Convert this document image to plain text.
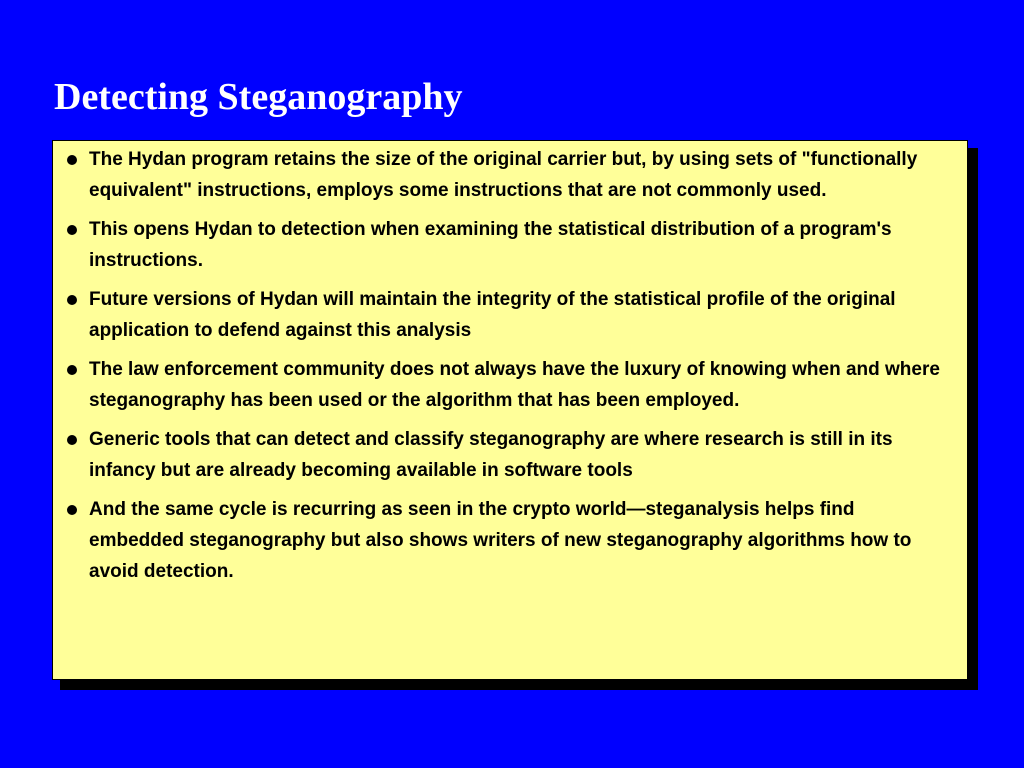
Detecting Steganography
The Hydan program retains the size of the original carrier but, by using sets of "functionally equivalent" instructions, employs some instructions that are not commonly used.
This opens Hydan to detection when examining the statistical distribution of a program's instructions.
Future versions of Hydan will maintain the integrity of the statistical profile of the original application to defend against this analysis
The law enforcement community does not always have the luxury of knowing when and where steganography has been used or the algorithm that has been employed.
Generic tools that can detect and classify steganography are where research is still in its infancy but are already becoming available in software tools
And the same cycle is recurring as seen in the crypto world—steganalysis helps find embedded steganography but also shows writers of new steganography algorithms how to avoid detection.
